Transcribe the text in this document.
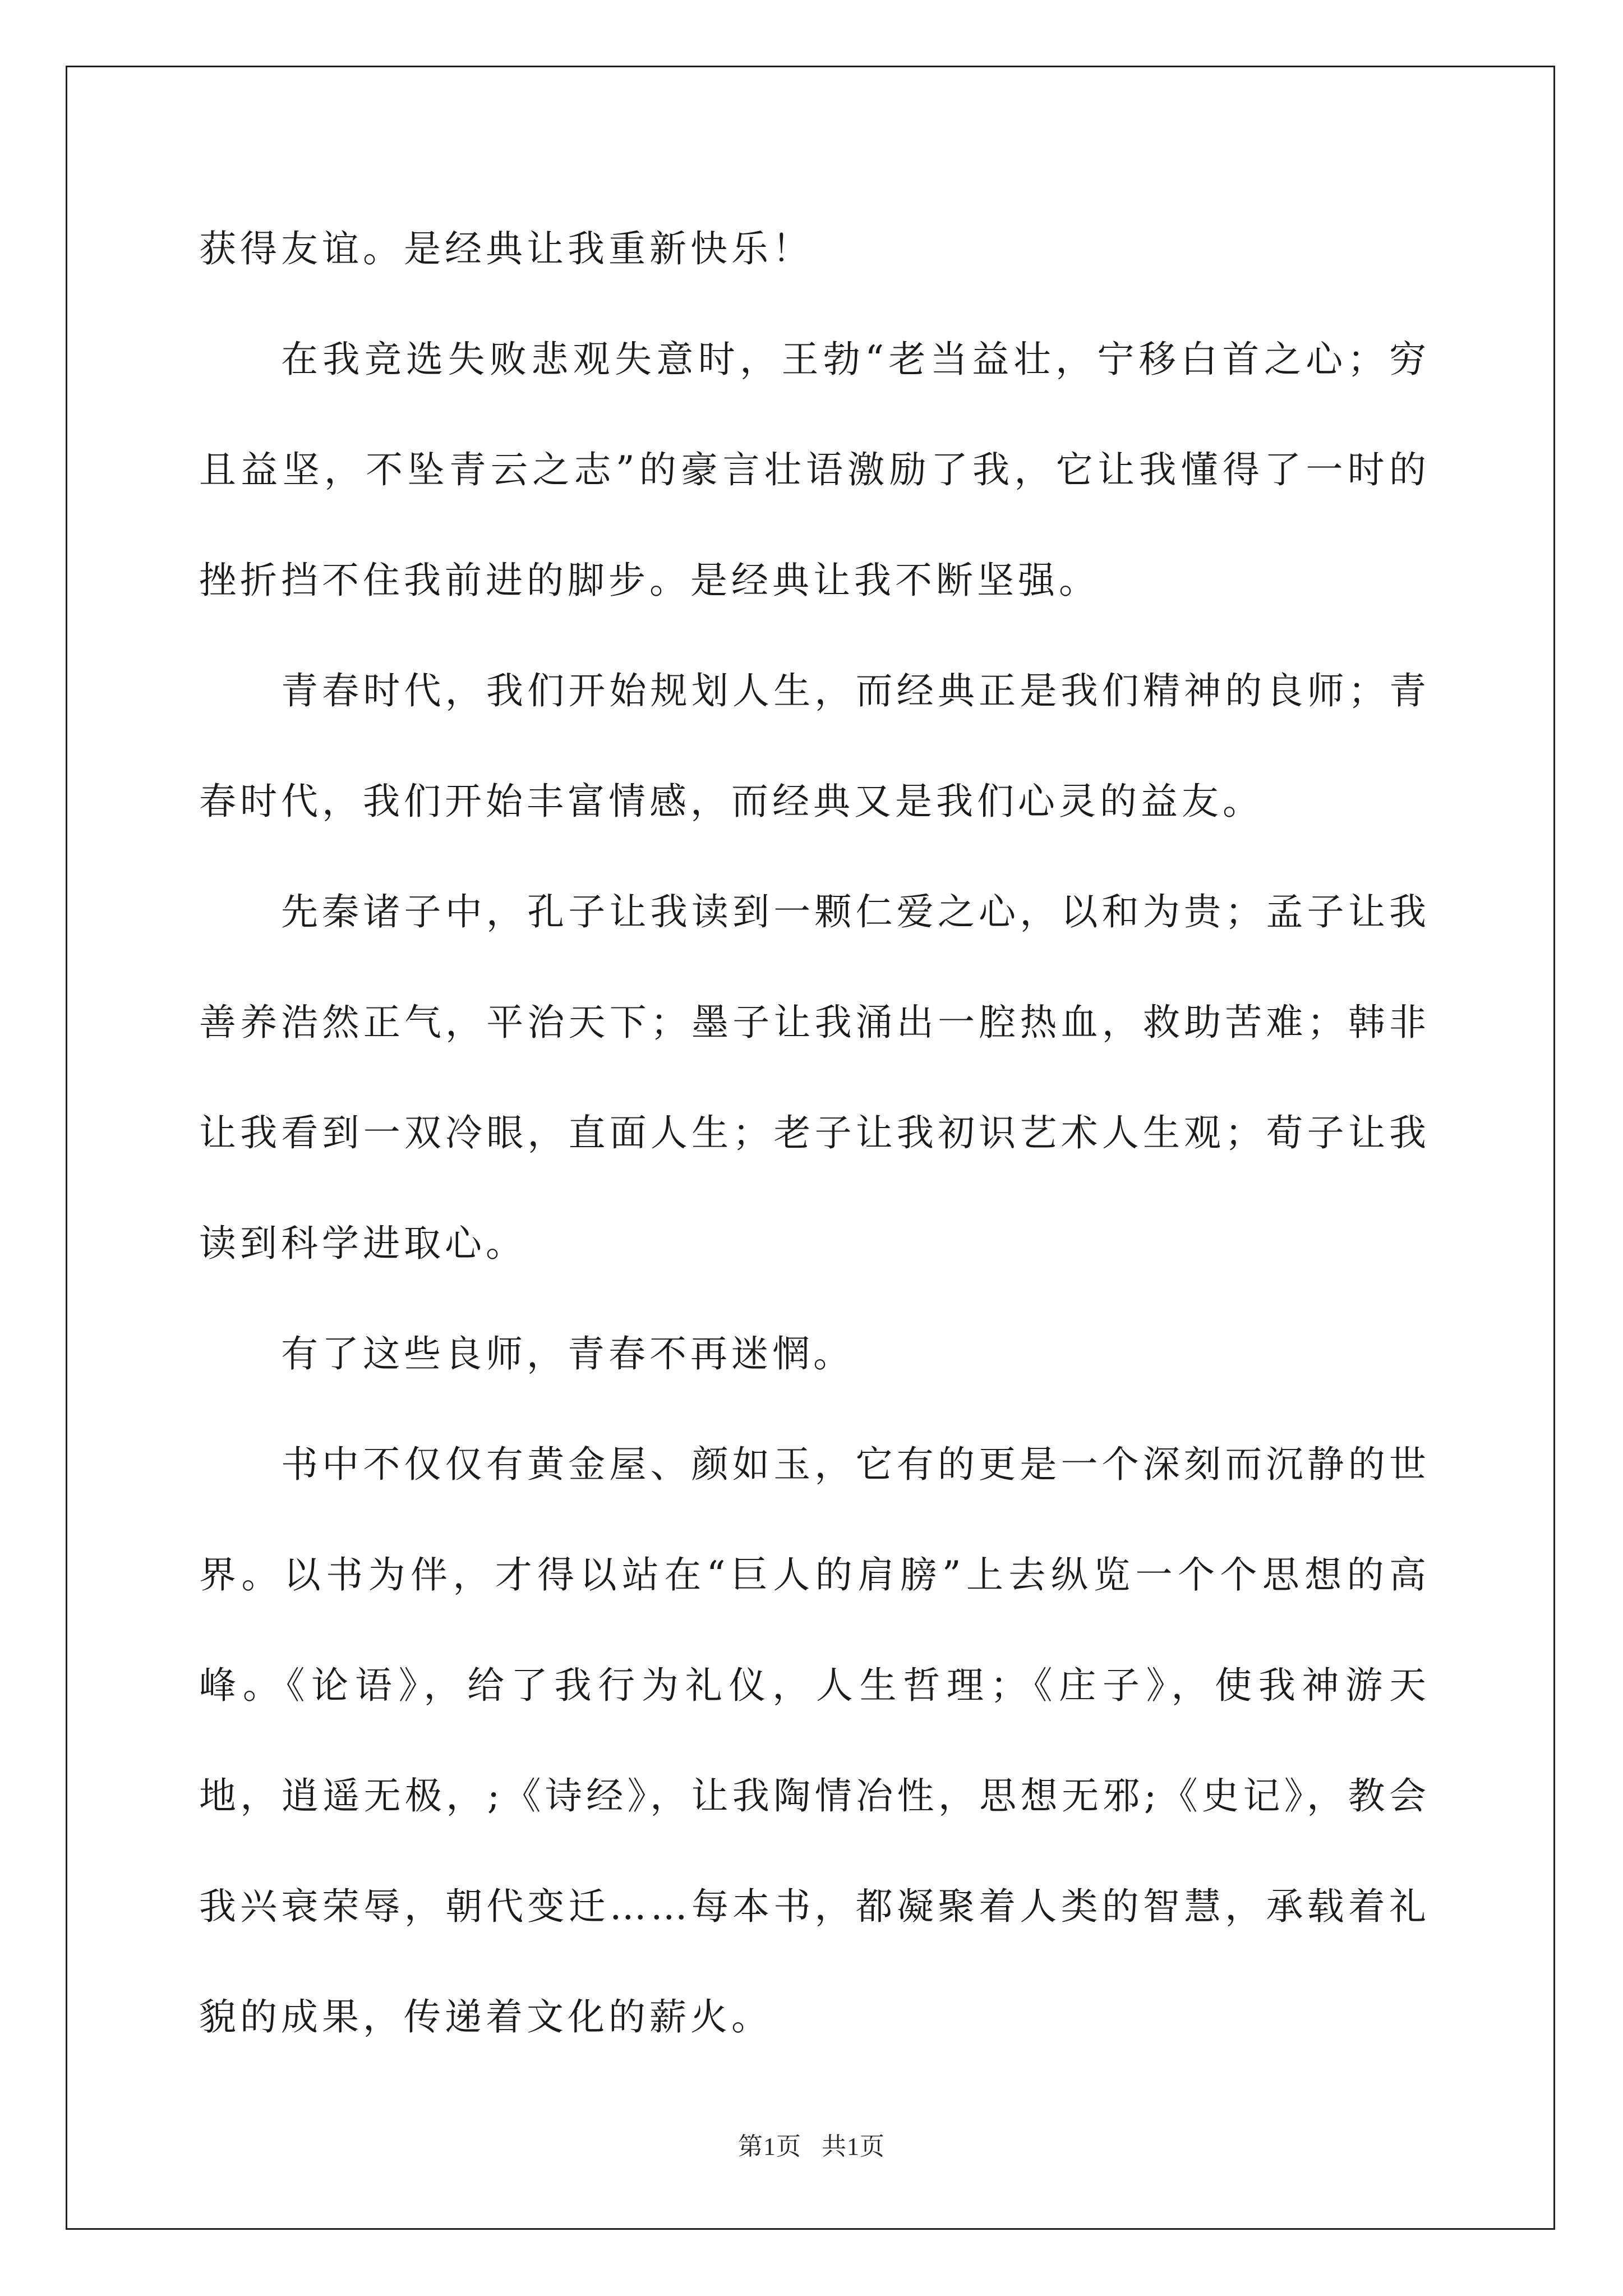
获得友谊。是经典让我重新快乐！

在我竞选失败悲观失意时，王勃“老当益壮，宁移白首之心；穷且益坚，不坠青云之志”的豪言壮语激励了我，它让我懂得了一时的挫折挡不住我前进的脚步。是经典让我不断坚强。

青春时代，我们开始规划人生，而经典正是我们精神的良师；青春时代，我们开始丰富情感，而经典又是我们心灵的益友。

先秦诸子中，孔子让我读到一颗仁爱之心，以和为贵；孟子让我善养浩然正气，平治天下；墨子让我涌出一腔热血，救助苦难；韩非让我看到一双冷眼，直面人生；老子让我初识艺术人生观；荀子让我读到科学进取心。

有了这些良师，青春不再迷惘。

书中不仅仅有黄金屋、颜如玉，它有的更是一个深刻而沉静的世界。以书为伴，才得以站在“巨人的肩膀”上去纵览一个个思想的高峰。《论语》，给了我行为礼仪，人生哲理；《庄子》，使我神游天地，逍遥无极，;《诗经》，让我陶情冶性，思想无邪;《史记》，教会我兴衰荣辱，朝代变迁……每本书，都凝聚着人类的智慧，承载着礼貌的成果，传递着文化的薪火。

第1页   共1页
